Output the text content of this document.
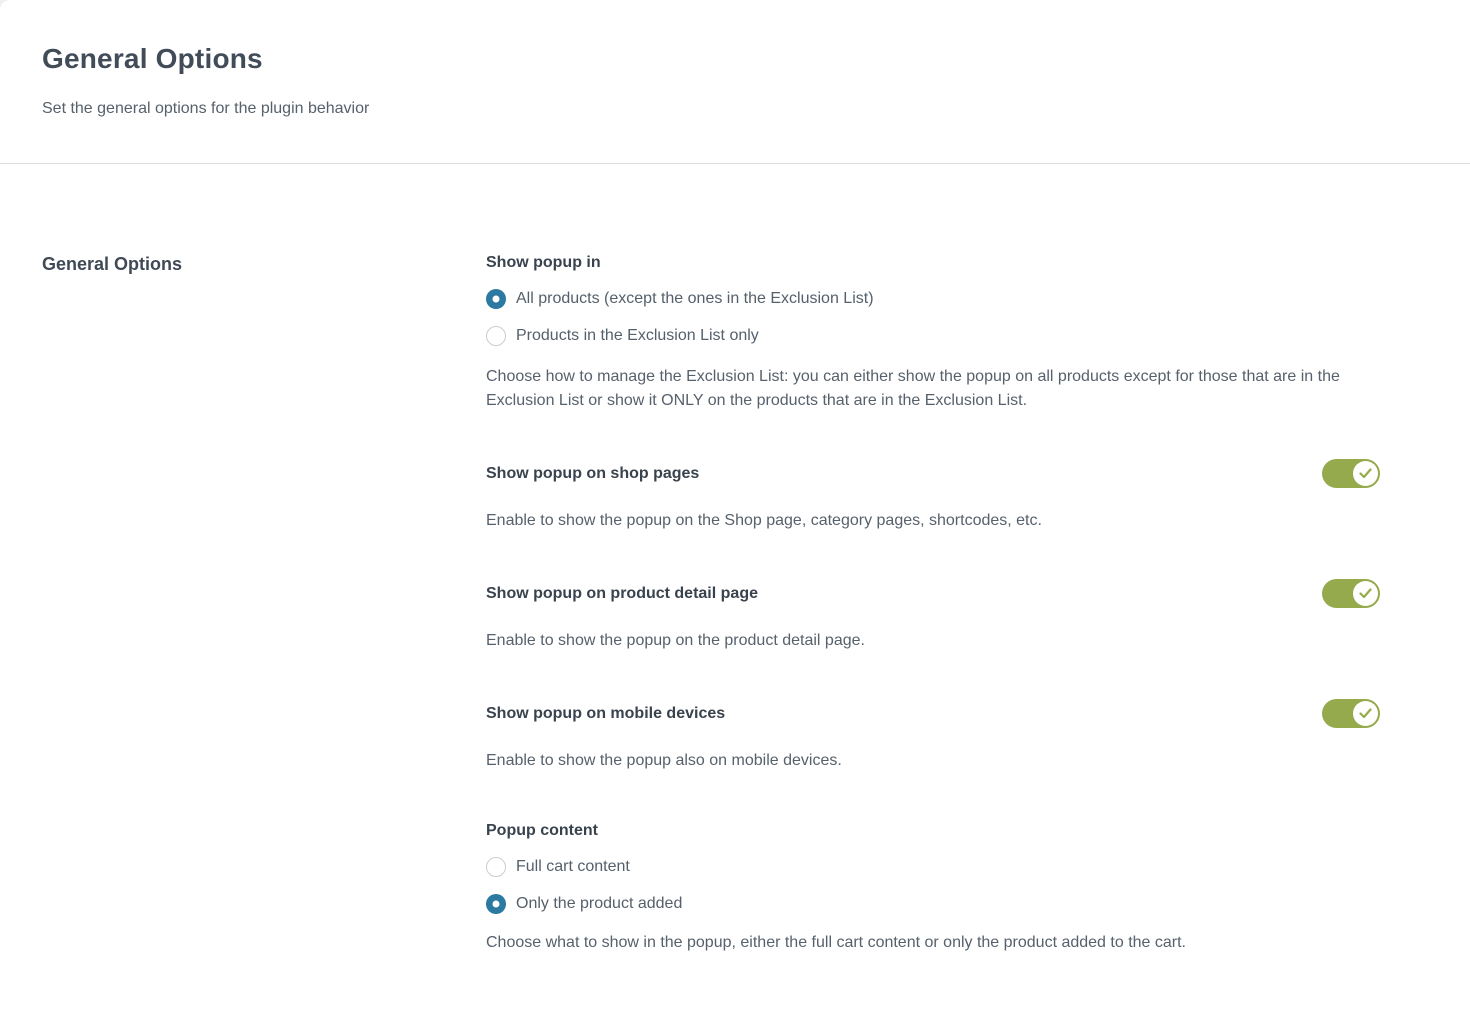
General Options

Set the general options for the plugin behavior

General Options	Show popup in
All products (except the ones in the Exclusion List)
Products in the Exclusion List only

Choose how to manage the Exclusion List: you can either show the popup on all products except for those that are in the Exclusion List or show it ONLY on the products that are in the Exclusion List.

Show popup on shop pages

Enable to show the popup on the Shop page, category pages, shortcodes, etc.

Show popup on product detail page

Enable to show the popup on the product detail page.

Show popup on mobile devices

Enable to show the popup also on mobile devices.

Popup content
Full cart content
Only the product added

Choose what to show in the popup, either the full cart content or only the product added to the cart.
